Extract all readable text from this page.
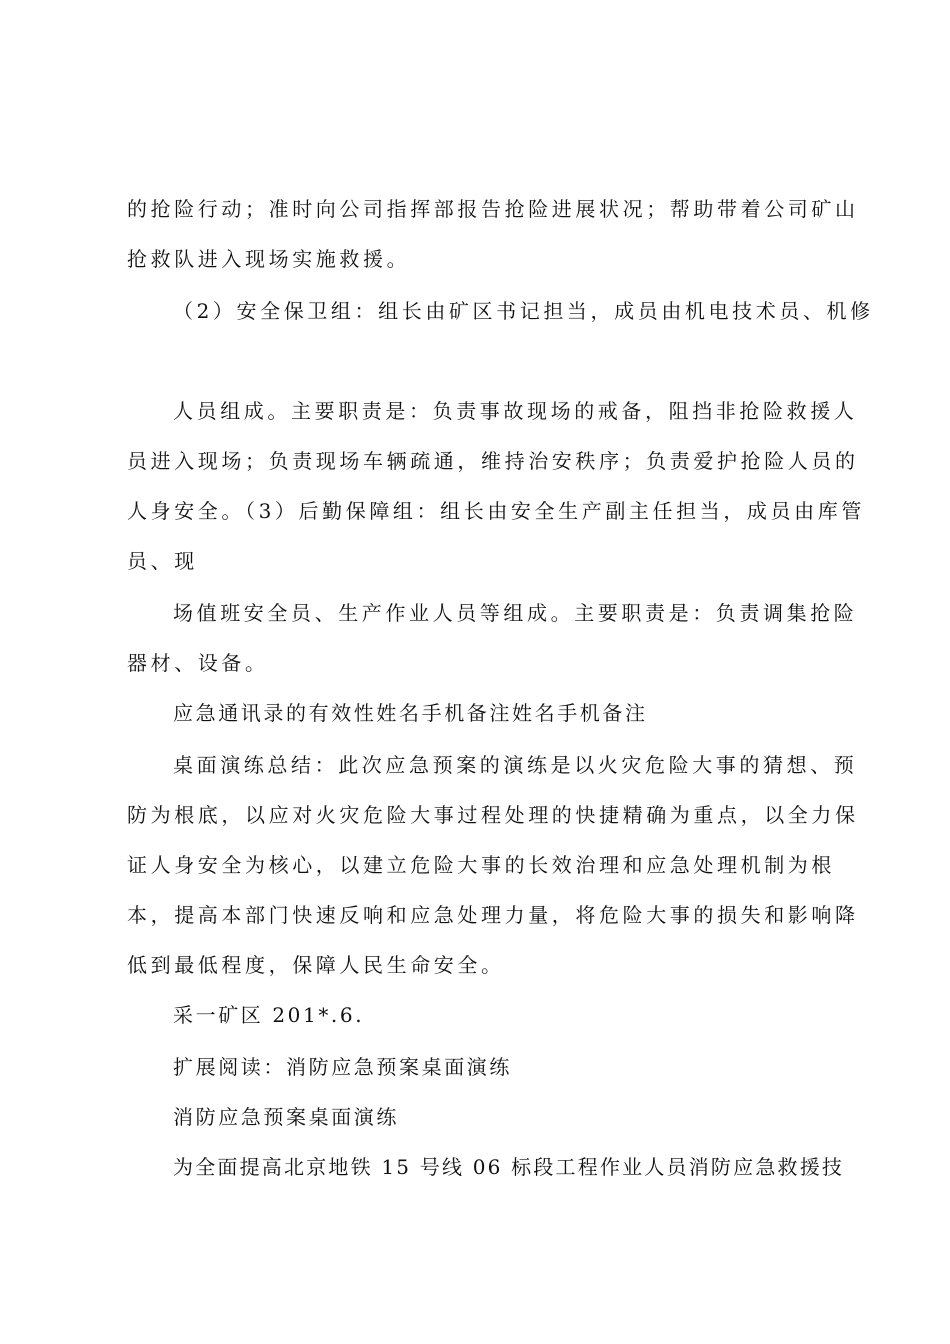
的抢险行动；准时向公司指挥部报告抢险进展状况；帮助带着公司矿山
抢救队进入现场实施救援。
（2）安全保卫组：组长由矿区书记担当，成员由机电技术员、机修
人员组成。主要职责是：负责事故现场的戒备，阻挡非抢险救援人
员进入现场；负责现场车辆疏通，维持治安秩序；负责爱护抢险人员的
人身安全。（3）后勤保障组：组长由安全生产副主任担当，成员由库管
员、现
场值班安全员、生产作业人员等组成。主要职责是：负责调集抢险
器材、设备。
应急通讯录的有效性姓名手机备注姓名手机备注
桌面演练总结：此次应急预案的演练是以火灾危险大事的猜想、预
防为根底，以应对火灾危险大事过程处理的快捷精确为重点，以全力保
证人身安全为核心，以建立危险大事的长效治理和应急处理机制为根
本，提高本部门快速反响和应急处理力量，将危险大事的损失和影响降
低到最低程度，保障人民生命安全。
采一矿区 201*.6.
扩展阅读：消防应急预案桌面演练
消防应急预案桌面演练
为全面提高北京地铁 15 号线 06 标段工程作业人员消防应急救援技
